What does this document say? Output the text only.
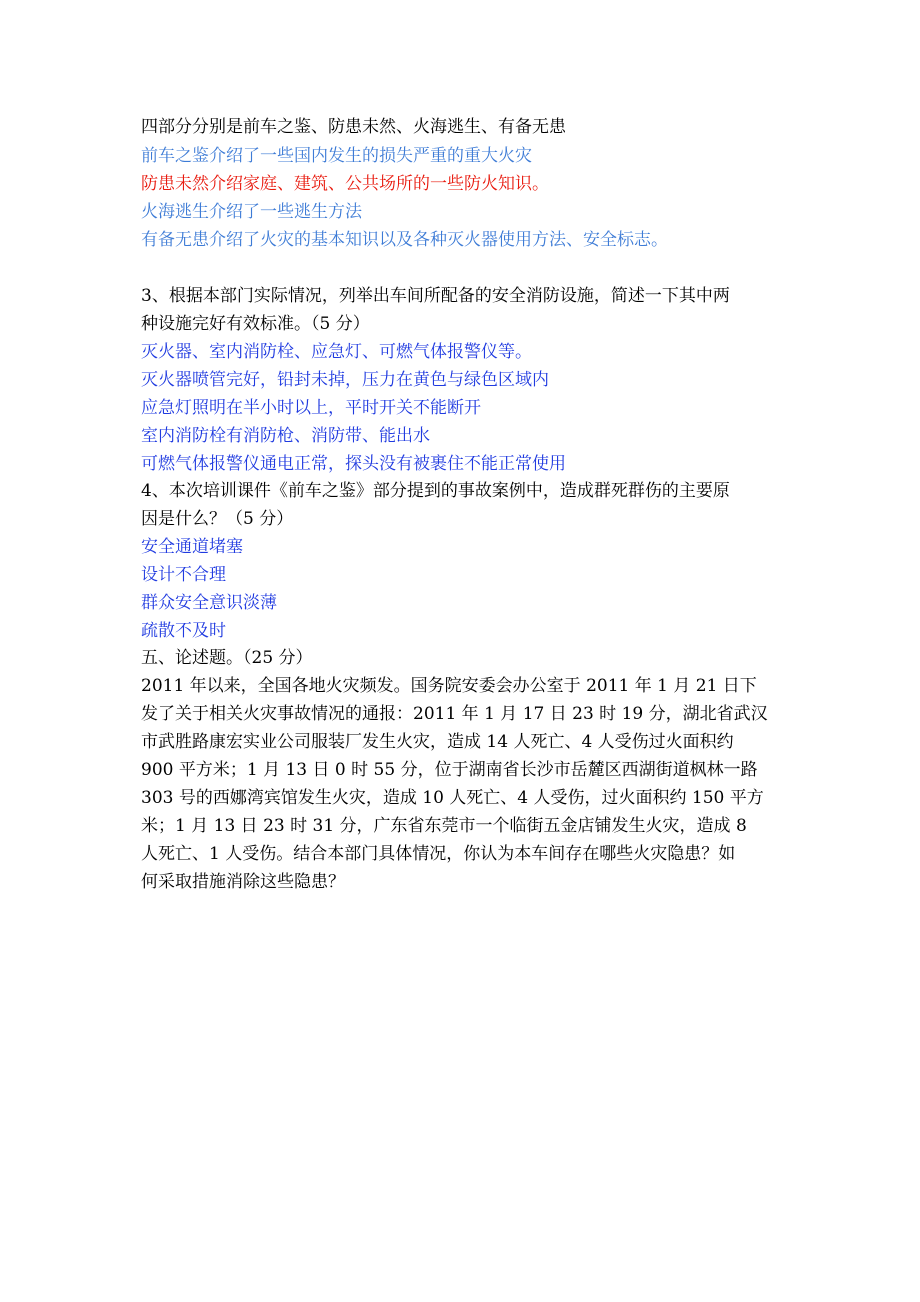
四部分分别是前车之鉴、防患未然、火海逃生、有备无患
前车之鉴介绍了一些国内发生的损失严重的重大火灾
防患未然介绍家庭、建筑、公共场所的一些防火知识。
火海逃生介绍了一些逃生方法
有备无患介绍了火灾的基本知识以及各种灭火器使用方法、安全标志。
3、根据本部门实际情况，列举出车间所配备的安全消防设施，简述一下其中两
种设施完好有效标准。（5 分）
灭火器、室内消防栓、应急灯、可燃气体报警仪等。
灭火器喷管完好，铅封未掉，压力在黄色与绿色区域内
应急灯照明在半小时以上，平时开关不能断开
室内消防栓有消防枪、消防带、能出水
可燃气体报警仪通电正常，探头没有被裹住不能正常使用
4、本次培训课件《前车之鉴》部分提到的事故案例中，造成群死群伤的主要原
因是什么？（5 分）
安全通道堵塞
设计不合理
群众安全意识淡薄
疏散不及时
五、论述题。（25 分）
2011 年以来，全国各地火灾频发。国务院安委会办公室于 2011 年 1 月 21 日下
发了关于相关火灾事故情况的通报：2011 年 1 月 17 日 23 时 19 分，湖北省武汉
市武胜路康宏实业公司服装厂发生火灾，造成 14 人死亡、4 人受伤过火面积约
900 平方米；1 月 13 日 0 时 55 分，位于湖南省长沙市岳麓区西湖街道枫林一路
303 号的西娜湾宾馆发生火灾，造成 10 人死亡、4 人受伤，过火面积约 150 平方
米；1 月 13 日 23 时 31 分，广东省东莞市一个临街五金店铺发生火灾，造成 8
人死亡、1 人受伤。结合本部门具体情况，你认为本车间存在哪些火灾隐患？如
何采取措施消除这些隐患？
